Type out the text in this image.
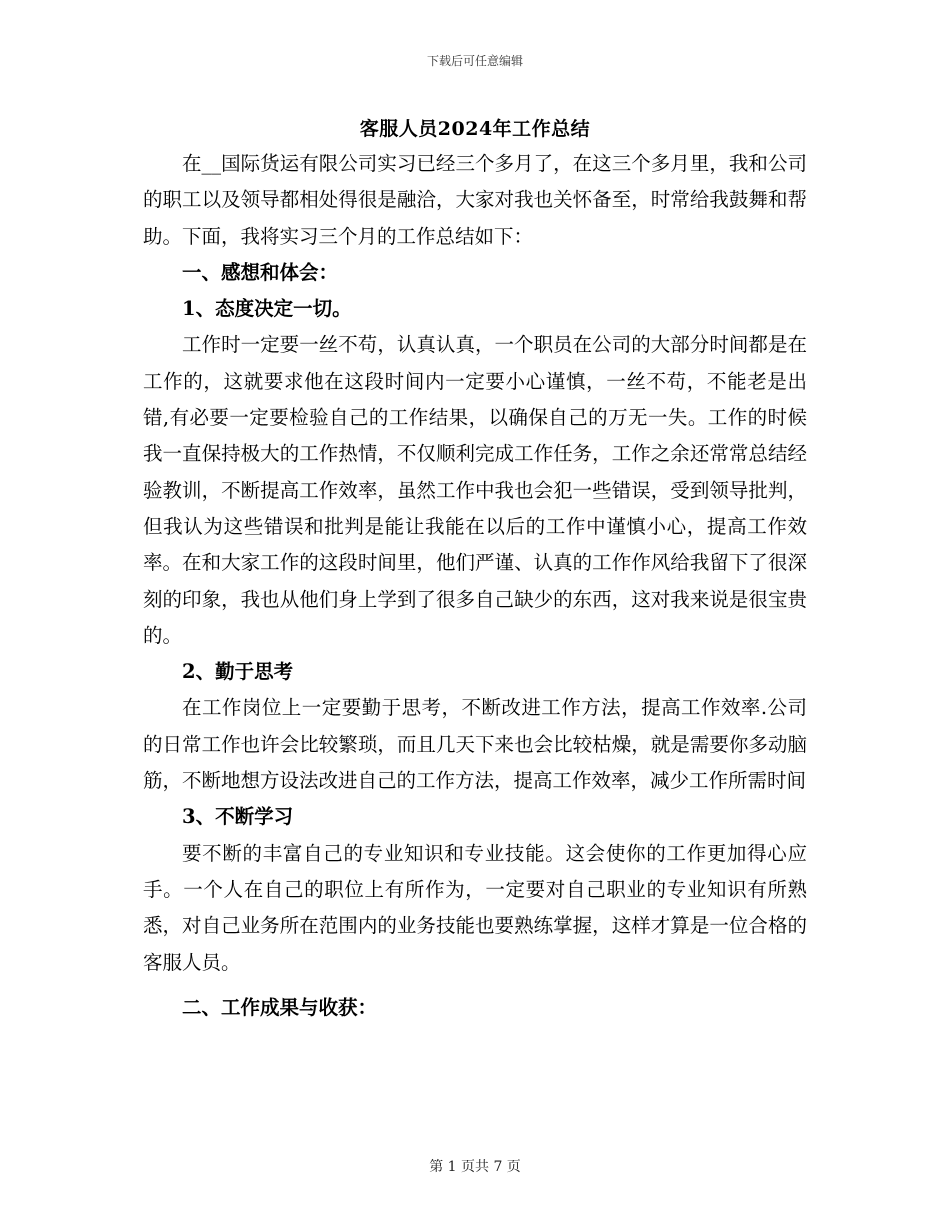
下载后可任意编辑
客服人员2024年工作总结

在__国际货运有限公司实习已经三个多月了，在这三个多月里，我和公司的职工以及领导都相处得很是融洽，大家对我也关怀备至，时常给我鼓舞和帮助。下面，我将实习三个月的工作总结如下：

一、感想和体会：

1、态度决定一切。

工作时一定要一丝不苟，认真认真，一个职员在公司的大部分时间都是在工作的，这就要求他在这段时间内一定要小心谨慎，一丝不苟，不能老是出错,有必要一定要检验自己的工作结果，以确保自己的万无一失。工作的时候我一直保持极大的工作热情，不仅顺利完成工作任务，工作之余还常常总结经验教训，不断提高工作效率，虽然工作中我也会犯一些错误，受到领导批判，但我认为这些错误和批判是能让我能在以后的工作中谨慎小心，提高工作效率。在和大家工作的这段时间里，他们严谨、认真的工作作风给我留下了很深刻的印象，我也从他们身上学到了很多自己缺少的东西，这对我来说是很宝贵的。

2、勤于思考

在工作岗位上一定要勤于思考，不断改进工作方法，提高工作效率.公司的日常工作也许会比较繁琐，而且几天下来也会比较枯燥，就是需要你多动脑筋，不断地想方设法改进自己的工作方法，提高工作效率，减少工作所需时间

3、不断学习

要不断的丰富自己的专业知识和专业技能。这会使你的工作更加得心应手。一个人在自己的职位上有所作为，一定要对自己职业的专业知识有所熟悉，对自己业务所在范围内的业务技能也要熟练掌握，这样才算是一位合格的客服人员。

二、工作成果与收获：

第 1 页共 7 页
